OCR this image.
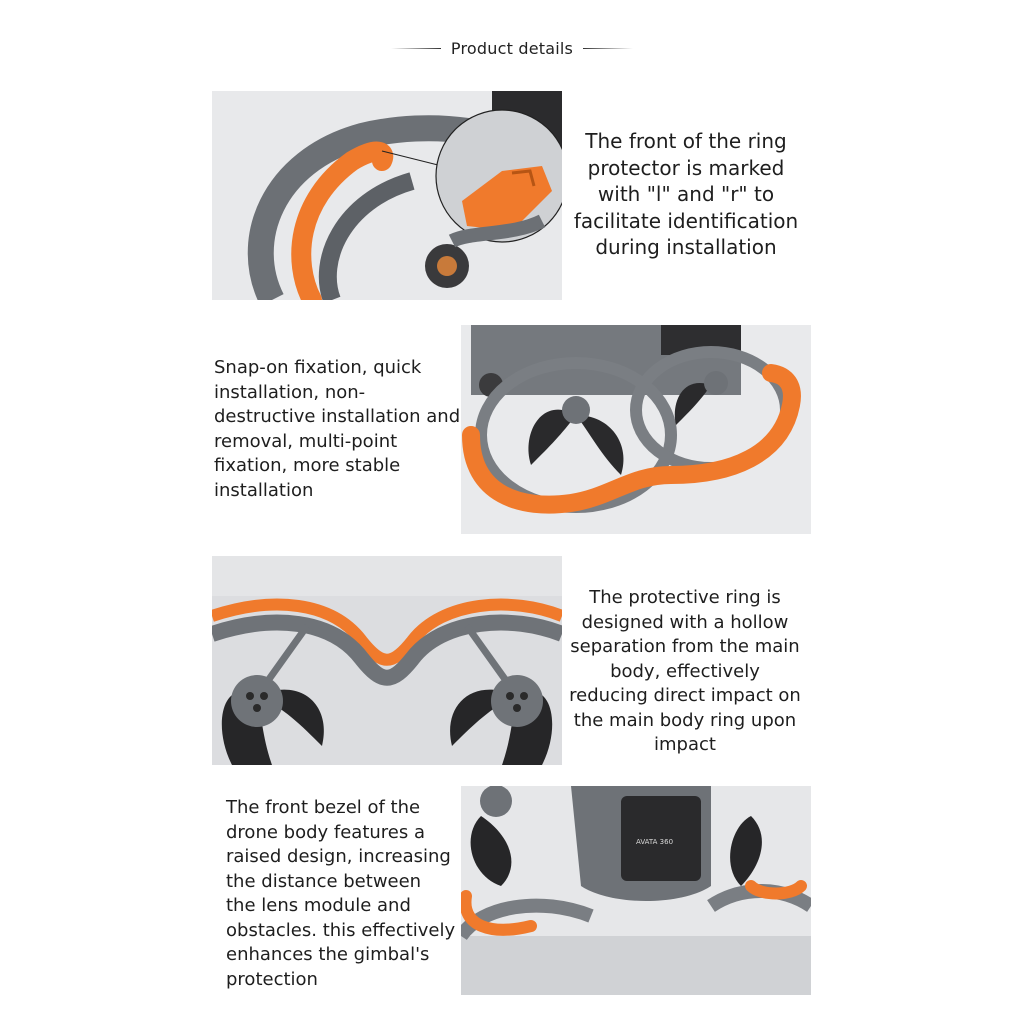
Product details
The front of the ring protector is marked with "l" and "r" to facilitate identification during installation
Snap-on fixation, quick installation, non-destructive installation and removal, multi-point fixation, more stable installation
The protective ring is designed with a hollow separation from the main body, effectively reducing direct impact on the main body ring upon impact
AVATA 360
The front bezel of the drone body features a raised design, increasing the distance between the lens module and obstacles. this effectively enhances the gimbal's protection
